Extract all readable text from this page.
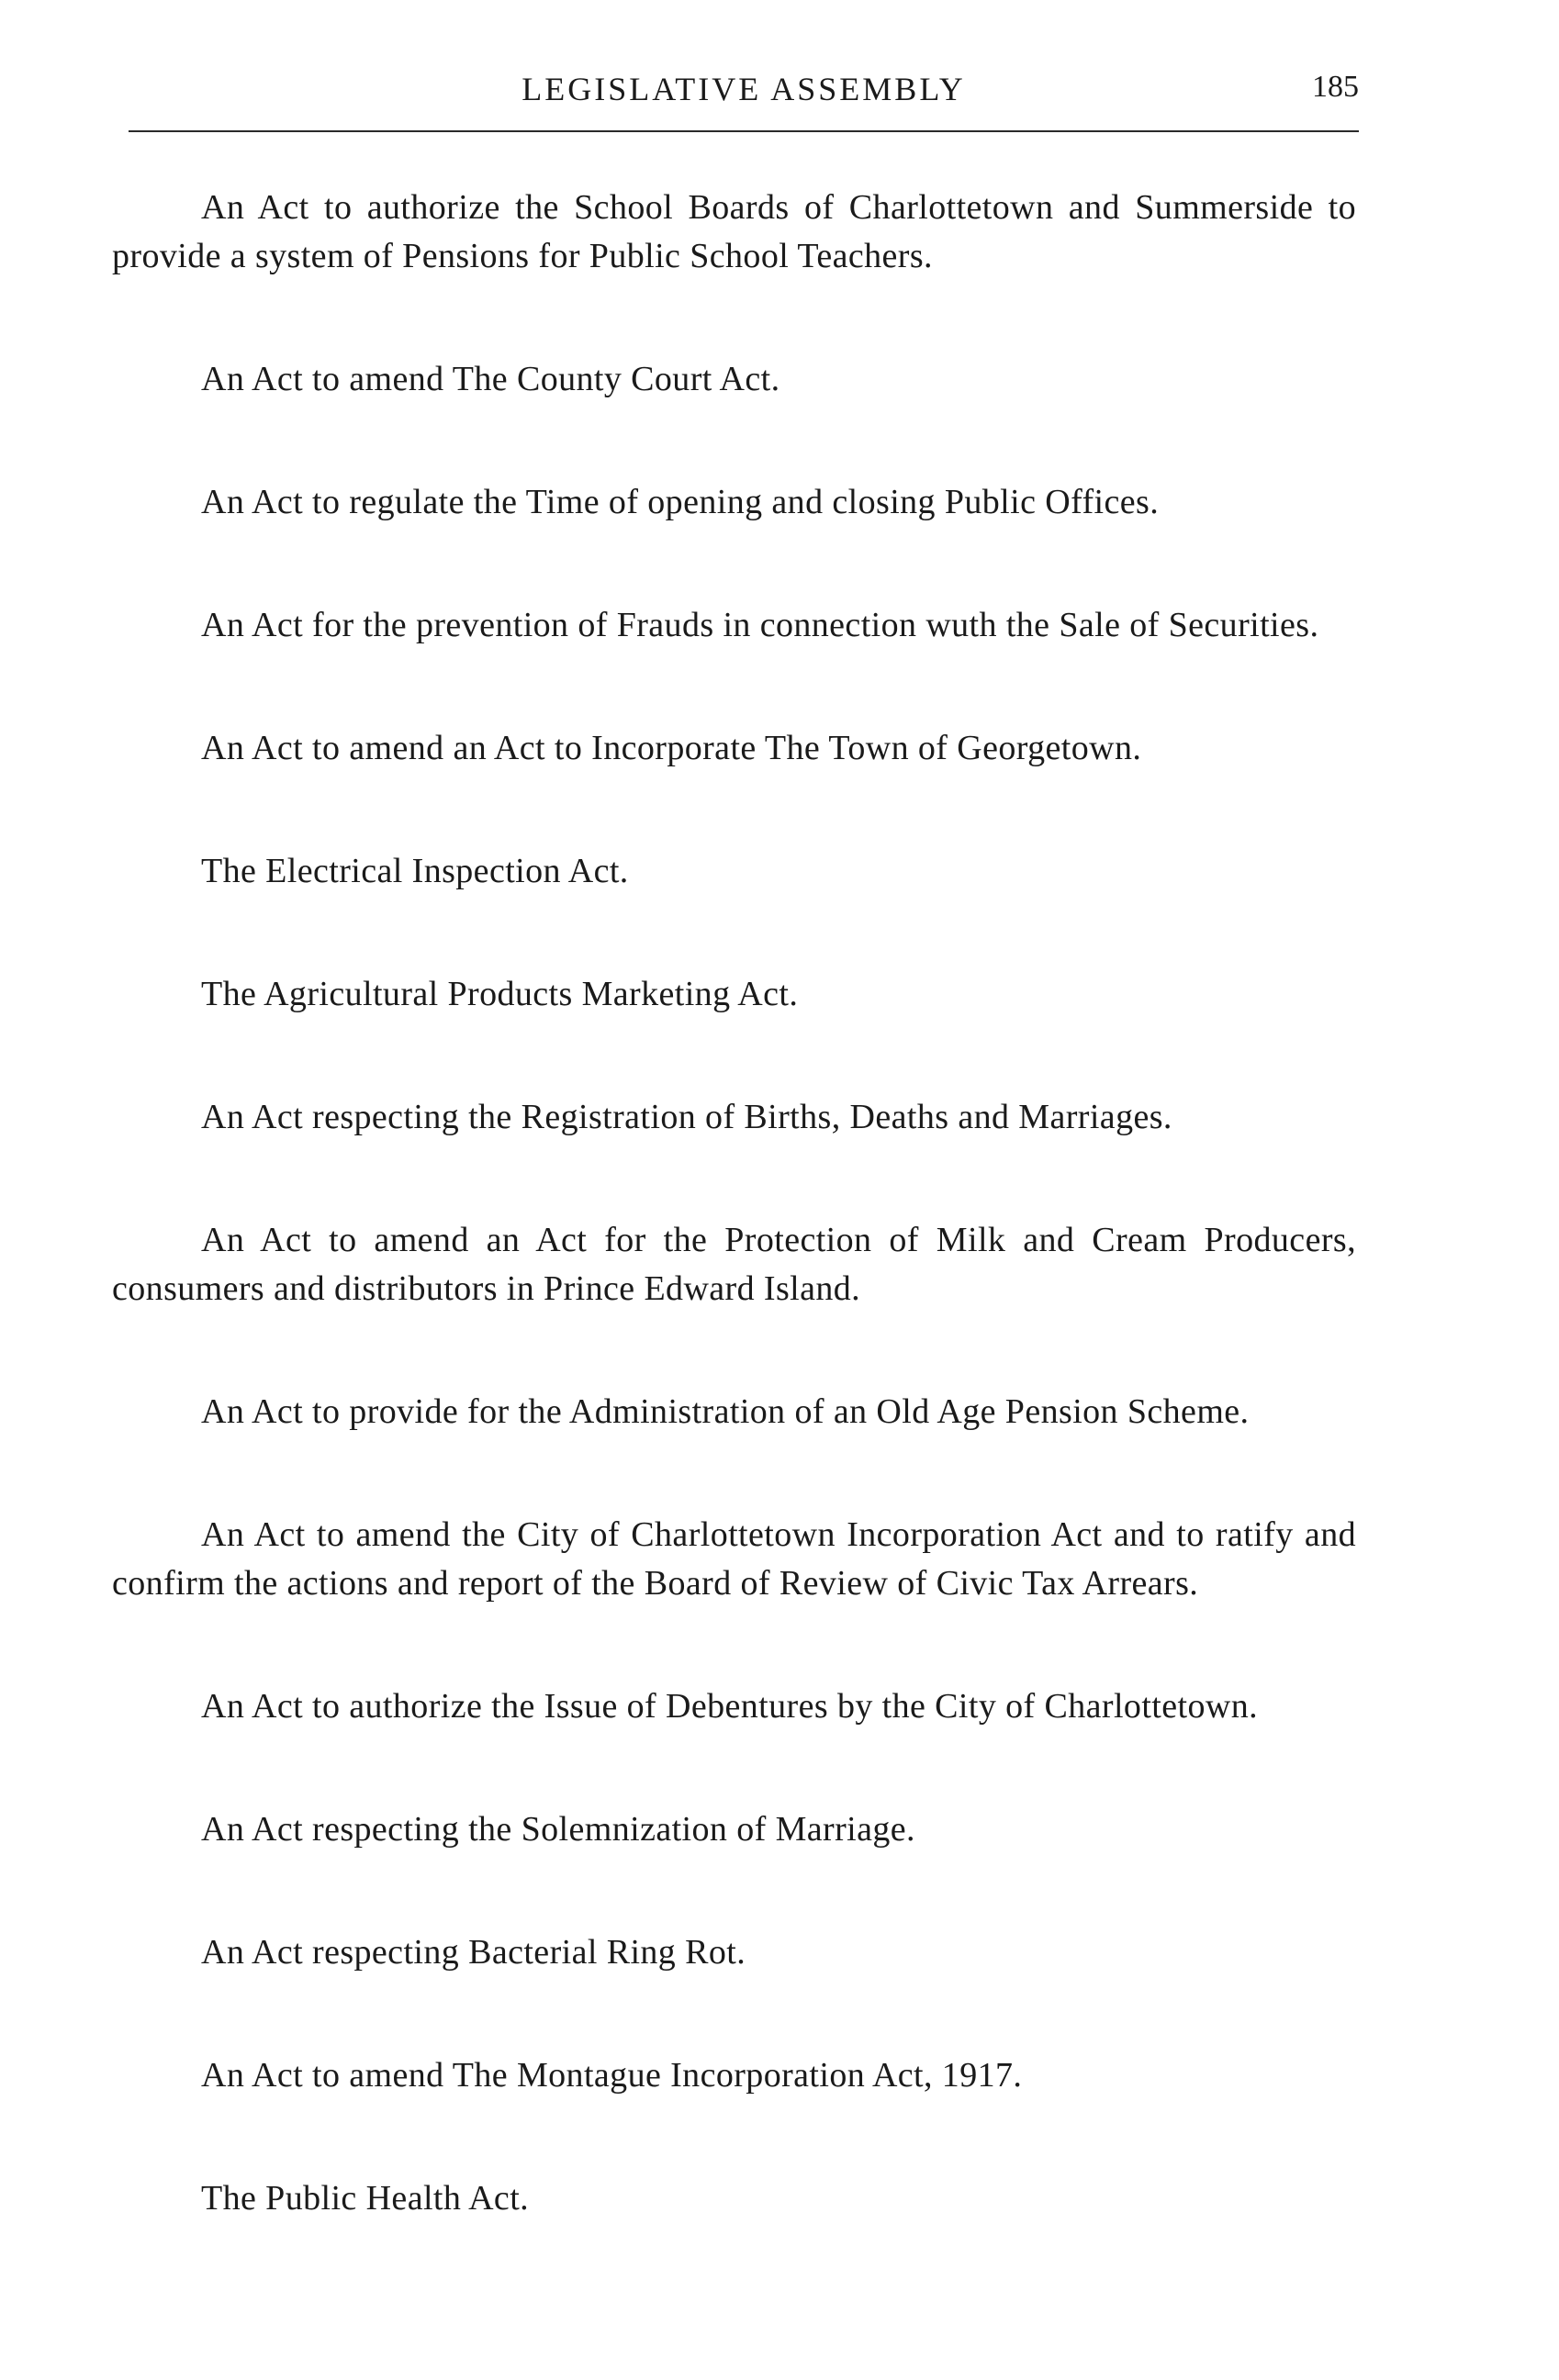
LEGISLATIVE ASSEMBLY	185

An Act to authorize the School Boards of Charlottetown and Summerside to provide a system of Pensions for Public School Teachers.

An Act to amend The County Court Act.

An Act to regulate the Time of opening and closing Public Offices.

An Act for the prevention of Frauds in connection wuth the Sale of Securities.

An Act to amend an Act to Incorporate The Town of Georgetown.

The Electrical Inspection Act.

The Agricultural Products Marketing Act.

An Act respecting the Registration of Births, Deaths and Marriages.

An Act to amend an Act for the Protection of Milk and Cream Producers, consumers and distributors in Prince Edward Island.

An Act to provide for the Administration of an Old Age Pension Scheme.

An Act to amend the City of Charlottetown Incorporation Act and to ratify and confirm the actions and report of the Board of Review of Civic Tax Arrears.

An Act to authorize the Issue of Debentures by the City of Charlottetown.

An Act respecting the Solemnization of Marriage.

An Act respecting Bacterial Ring Rot.

An Act to amend The Montague Incorporation Act, 1917.

The Public Health Act.
